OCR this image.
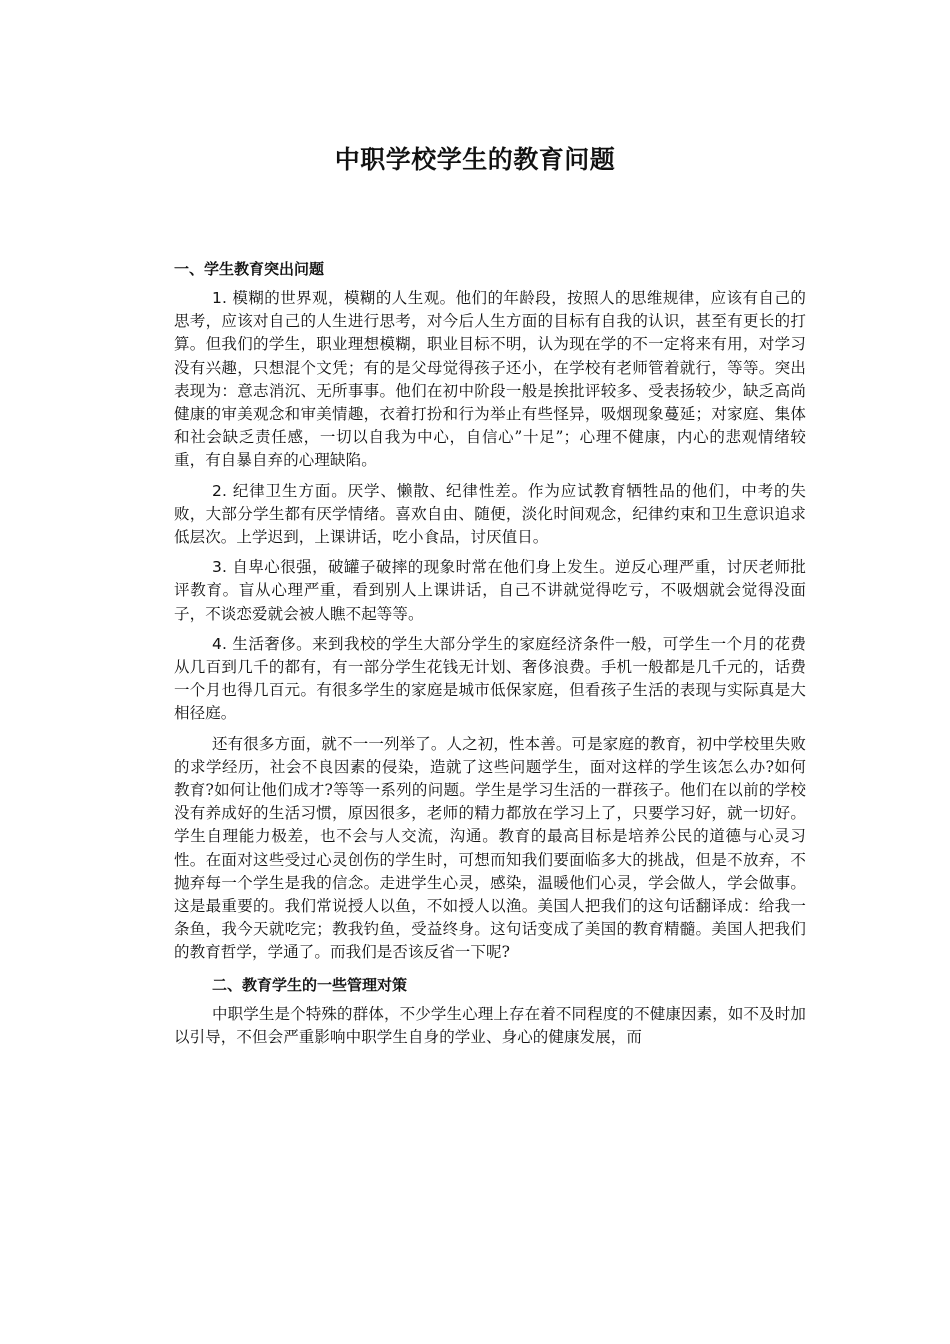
中职学校学生的教育问题
一、学生教育突出问题

1. 模糊的世界观，模糊的人生观。他们的年龄段，按照人的思维规律，应该有自己的思考，应该对自己的人生进行思考，对今后人生方面的目标有自我的认识，甚至有更长的打算。但我们的学生，职业理想模糊，职业目标不明，认为现在学的不一定将来有用，对学习没有兴趣，只想混个文凭；有的是父母觉得孩子还小，在学校有老师管着就行，等等。突出表现为：意志消沉、无所事事。他们在初中阶段一般是挨批评较多、受表扬较少，缺乏高尚健康的审美观念和审美情趣，衣着打扮和行为举止有些怪异，吸烟现象蔓延；对家庭、集体和社会缺乏责任感，一切以自我为中心，自信心”十足”；心理不健康，内心的悲观情绪较重，有自暴自弃的心理缺陷。

2. 纪律卫生方面。厌学、懒散、纪律性差。作为应试教育牺牲品的他们，中考的失败，大部分学生都有厌学情绪。喜欢自由、随便，淡化时间观念，纪律约束和卫生意识追求低层次。上学迟到，上课讲话，吃小食品，讨厌值日。

3. 自卑心很强，破罐子破摔的现象时常在他们身上发生。逆反心理严重，讨厌老师批评教育。盲从心理严重，看到别人上课讲话，自己不讲就觉得吃亏，不吸烟就会觉得没面子，不谈恋爱就会被人瞧不起等等。

4. 生活奢侈。来到我校的学生大部分学生的家庭经济条件一般，可学生一个月的花费从几百到几千的都有，有一部分学生花钱无计划、奢侈浪费。手机一般都是几千元的，话费一个月也得几百元。有很多学生的家庭是城市低保家庭，但看孩子生活的表现与实际真是大相径庭。

还有很多方面，就不一一列举了。人之初，性本善。可是家庭的教育，初中学校里失败的求学经历，社会不良因素的侵染，造就了这些问题学生，面对这样的学生该怎么办?如何教育?如何让他们成才?等等一系列的问题。学生是学习生活的一群孩子。他们在以前的学校没有养成好的生活习惯，原因很多，老师的精力都放在学习上了，只要学习好，就一切好。学生自理能力极差，也不会与人交流，沟通。教育的最高目标是培养公民的道德与心灵习性。在面对这些受过心灵创伤的学生时，可想而知我们要面临多大的挑战，但是不放弃，不抛弃每一个学生是我的信念。走进学生心灵，感染，温暖他们心灵，学会做人，学会做事。这是最重要的。我们常说授人以鱼，不如授人以渔。美国人把我们的这句话翻译成：给我一条鱼，我今天就吃完；教我钓鱼，受益终身。这句话变成了美国的教育精髓。美国人把我们的教育哲学，学通了。而我们是否该反省一下呢?

二、教育学生的一些管理对策

中职学生是个特殊的群体，不少学生心理上存在着不同程度的不健康因素，如不及时加以引导，不但会严重影响中职学生自身的学业、身心的健康发展，而
